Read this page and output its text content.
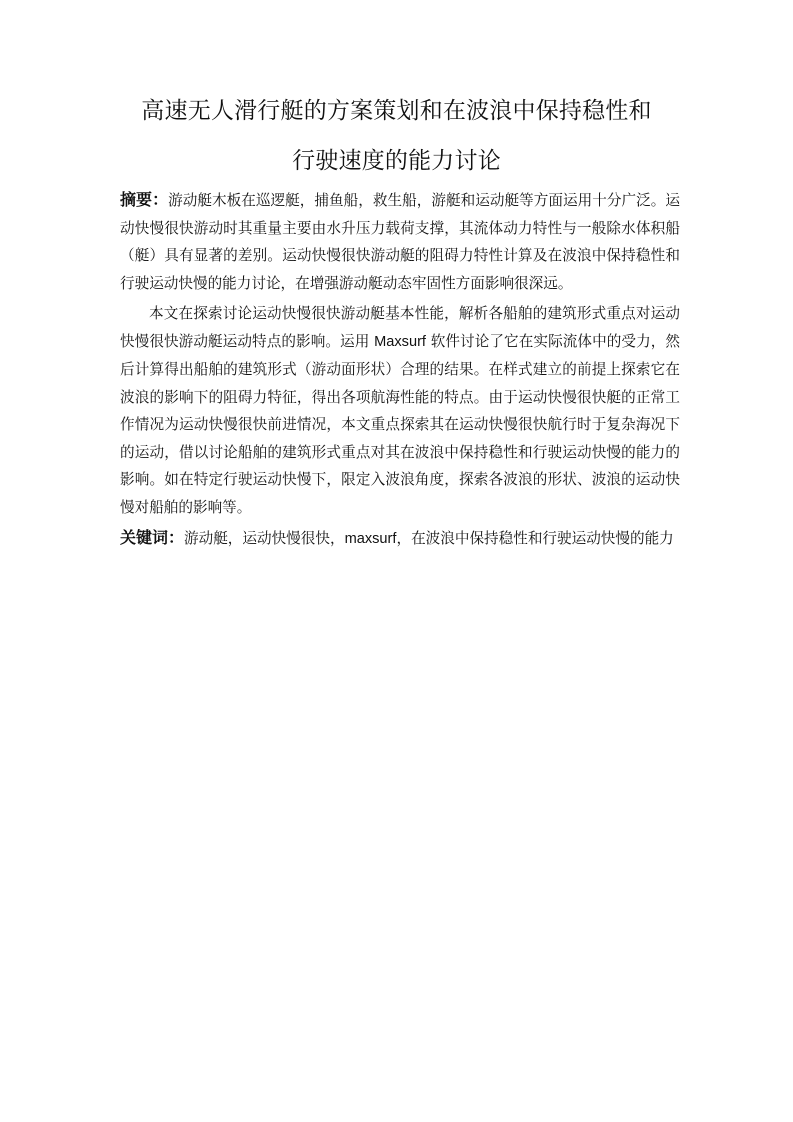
高速无人滑行艇的方案策划和在波浪中保持稳性和
行驶速度的能力讨论

摘要：游动艇木板在巡逻艇，捕鱼船，救生船，游艇和运动艇等方面运用十分广泛。运动快慢很快游动时其重量主要由水升压力载荷支撑，其流体动力特性与一般除水体积船（艇）具有显著的差别。运动快慢很快游动艇的阻碍力特性计算及在波浪中保持稳性和行驶运动快慢的能力讨论，在增强游动艇动态牢固性方面影响很深远。

本文在探索讨论运动快慢很快游动艇基本性能，解析各船舶的建筑形式重点对运动快慢很快游动艇运动特点的影响。运用 Maxsurf 软件讨论了它在实际流体中的受力，然后计算得出船舶的建筑形式（游动面形状）合理的结果。在样式建立的前提上探索它在波浪的影响下的阻碍力特征，得出各项航海性能的特点。由于运动快慢很快艇的正常工作情况为运动快慢很快前进情况，本文重点探索其在运动快慢很快航行时于复杂海况下的运动，借以讨论船舶的建筑形式重点对其在波浪中保持稳性和行驶运动快慢的能力的影响。如在特定行驶运动快慢下，限定入波浪角度，探索各波浪的形状、波浪的运动快慢对船舶的影响等。

关键词：游动艇，运动快慢很快，maxsurf，在波浪中保持稳性和行驶运动快慢的能力
